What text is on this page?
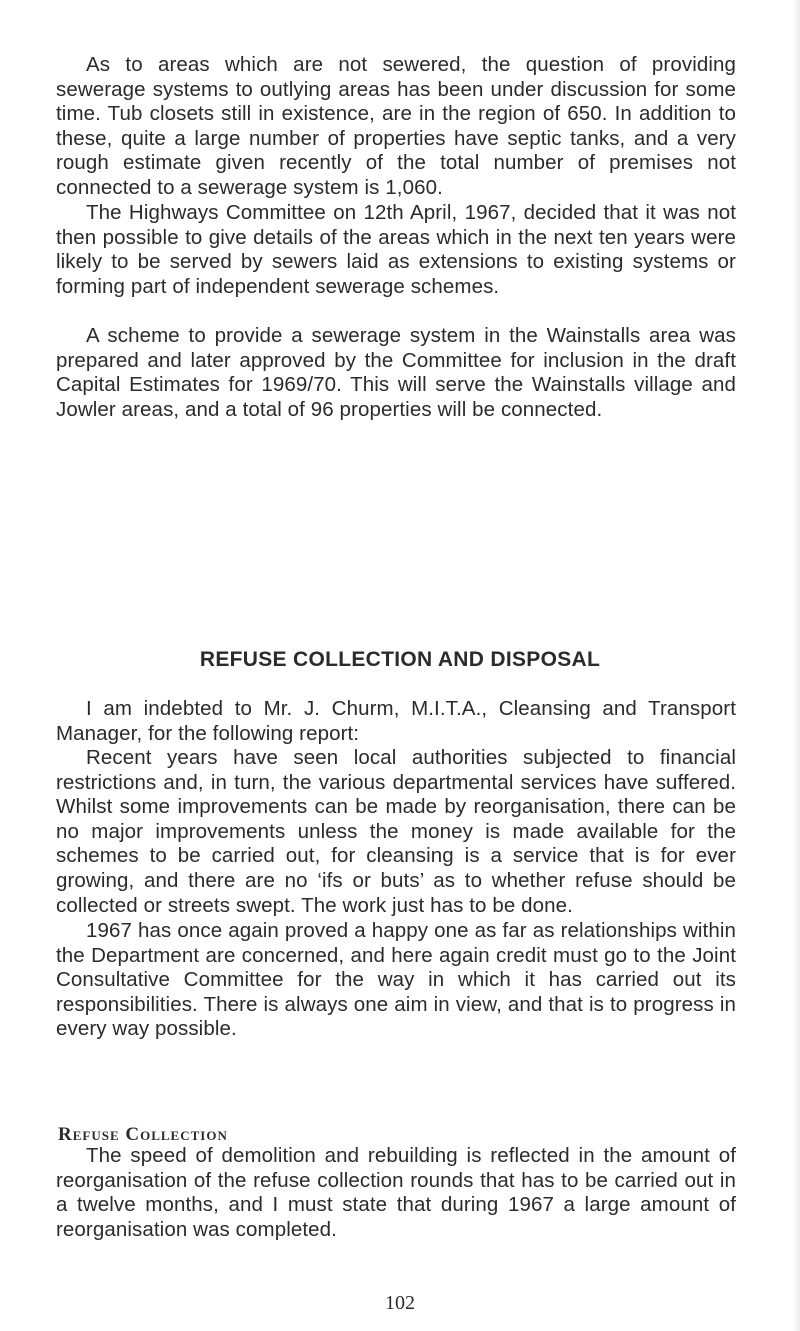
As to areas which are not sewered, the question of providing sewerage systems to outlying areas has been under discussion for some time. Tub closets still in existence, are in the region of 650. In addition to these, quite a large number of properties have septic tanks, and a very rough estimate given recently of the total number of premises not connected to a sewerage system is 1,060.

The Highways Committee on 12th April, 1967, decided that it was not then possible to give details of the areas which in the next ten years were likely to be served by sewers laid as extensions to existing systems or forming part of independent sewerage schemes.

A scheme to provide a sewerage system in the Wainstalls area was prepared and later approved by the Committee for inclusion in the draft Capital Estimates for 1969/70. This will serve the Wainstalls village and Jowler areas, and a total of 96 properties will be connected.

REFUSE COLLECTION AND DISPOSAL

I am indebted to Mr. J. Churm, M.I.T.A., Cleansing and Transport Manager, for the following report:

Recent years have seen local authorities subjected to financial restrictions and, in turn, the various departmental services have suffered. Whilst some improvements can be made by reorganisation, there can be no major improvements unless the money is made available for the schemes to be carried out, for cleansing is a service that is for ever growing, and there are no ‘ifs or buts’ as to whether refuse should be collected or streets swept. The work just has to be done.

1967 has once again proved a happy one as far as relationships within the Department are concerned, and here again credit must go to the Joint Consultative Committee for the way in which it has carried out its responsibilities. There is always one aim in view, and that is to progress in every way possible.

Refuse Collection

The speed of demolition and rebuilding is reflected in the amount of reorganisation of the refuse collection rounds that has to be carried out in a twelve months, and I must state that during 1967 a large amount of reorganisation was completed.

102
